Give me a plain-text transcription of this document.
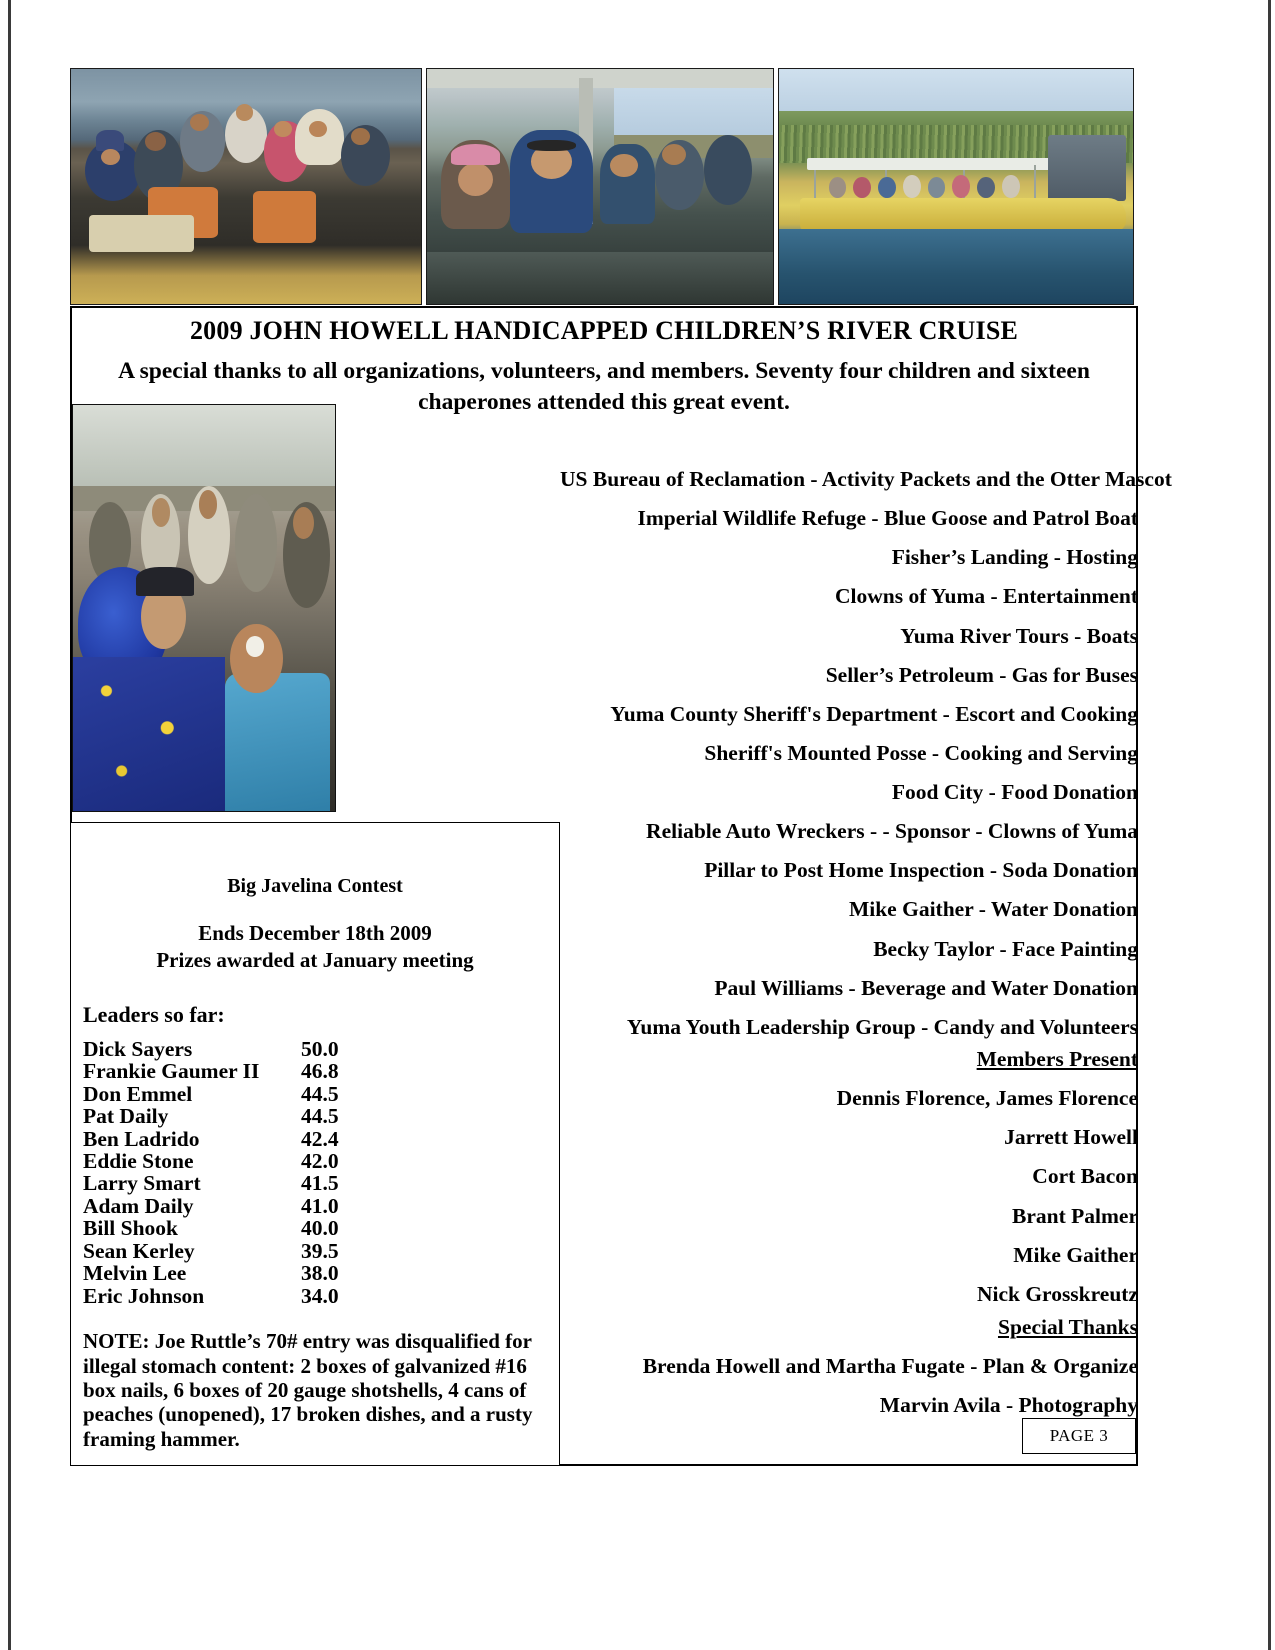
2009 JOHN HOWELL HANDICAPPED CHILDREN’S RIVER CRUISE
A special thanks to all organizations, volunteers, and members. Seventy four children and sixteen chaperones attended this great event.
US Bureau of Reclamation - Activity Packets and the Otter Mascot
Imperial Wildlife Refuge - Blue Goose and Patrol Boat
Fisher’s Landing - Hosting
Clowns of Yuma - Entertainment
Yuma River Tours - Boats
Seller’s Petroleum - Gas for Buses
Yuma County Sheriff's Department - Escort and Cooking
Sheriff's Mounted Posse - Cooking and Serving
Food City - Food Donation
Reliable Auto Wreckers - - Sponsor - Clowns of Yuma
Pillar to Post Home Inspection - Soda Donation
Mike Gaither - Water Donation
Becky Taylor - Face Painting
Paul Williams - Beverage and Water Donation
Yuma Youth Leadership Group - Candy and Volunteers
Members Present
Dennis Florence, James Florence
Jarrett Howell
Cort Bacon
Brant Palmer
Mike Gaither
Nick Grosskreutz
Special Thanks
Brenda Howell and Martha Fugate - Plan & Organize
Marvin Avila - Photography
PAGE 3
Big Javelina Contest
Ends December 18th 2009
Prizes awarded at January meeting
Leaders so far:
Dick Sayers	50.0
Frankie Gaumer II	46.8
Don Emmel	44.5
Pat Daily	44.5
Ben Ladrido	42.4
Eddie Stone	42.0
Larry Smart	41.5
Adam Daily	41.0
Bill Shook	40.0
Sean Kerley	39.5
Melvin Lee	38.0
Eric Johnson	34.0
NOTE: Joe Ruttle’s 70# entry was disqualified for illegal stomach content: 2 boxes of galvanized #16 box nails, 6 boxes of 20 gauge shotshells, 4 cans of peaches (unopened), 17 broken dishes, and a rusty framing hammer.
